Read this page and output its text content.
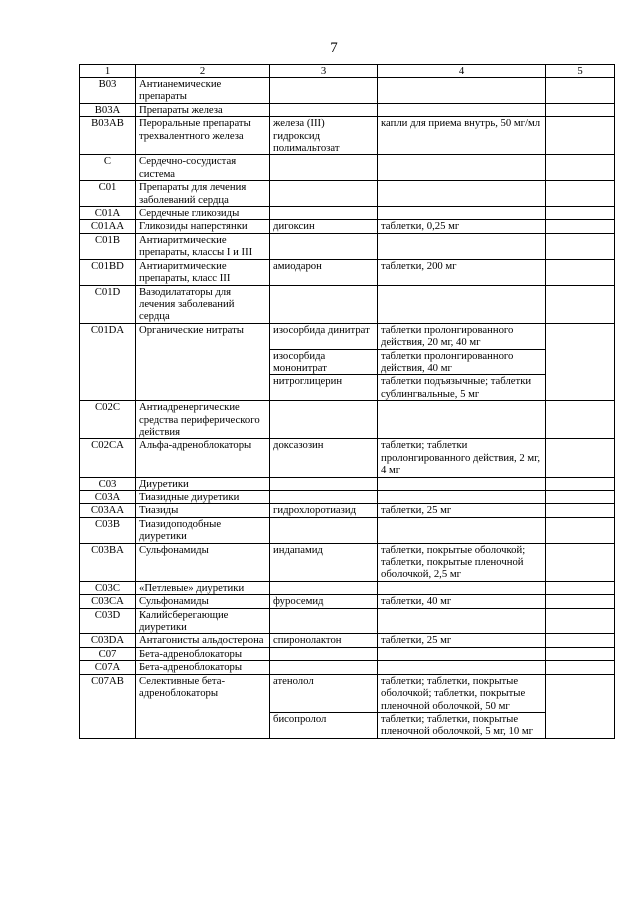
7
1	2	3	4	5
B03	Антианемические препараты			
B03A	Препараты железа			
B03AB	Пероральные препараты трехвалентного железа	железа (III) гидроксид полимальтозат	капли для приема внутрь, 50 мг/мл	
C	Сердечно-сосудистая система			
C01	Препараты для лечения заболеваний сердца			
C01A	Сердечные гликозиды			
C01AA	Гликозиды наперстянки	дигоксин	таблетки, 0,25 мг	
C01B	Антиаритмические препараты, классы I и III			
C01BD	Антиаритмические препараты, класс III	амиодарон	таблетки, 200 мг	
C01D	Вазодилататоры для лечения заболеваний сердца			
C01DA	Органические нитраты	изосорбида динитрат	таблетки пролонгированного действия, 20 мг, 40 мг	
		изосорбида мононитрат	таблетки пролонгированного действия, 40 мг	
		нитроглицерин	таблетки подъязычные; таблетки сублингвальные, 5 мг	
C02C	Антиадренергические средства периферического действия			
C02CA	Альфа-адреноблокаторы	доксазозин	таблетки; таблетки пролонгированного действия, 2 мг, 4 мг	
C03	Диуретики			
C03A	Тиазидные диуретики			
C03AA	Тиазиды	гидрохлоротиазид	таблетки, 25 мг	
C03B	Тиазидоподобные диуретики			
C03BA	Сульфонамиды	индапамид	таблетки, покрытые оболочкой; таблетки, покрытые пленочной оболочкой, 2,5 мг	
C03C	«Петлевые» диуретики			
C03CA	Сульфонамиды	фуросемид	таблетки, 40 мг	
C03D	Калийсберегающие диуретики			
C03DA	Антагонисты альдостерона	спиронолактон	таблетки, 25 мг	
C07	Бета-адреноблокаторы			
C07A	Бета-адреноблокаторы			
C07AB	Селективные бета-адреноблокаторы	атенолол	таблетки; таблетки, покрытые оболочкой; таблетки, покрытые пленочной оболочкой, 50 мг	
		бисопролол	таблетки; таблетки, покрытые пленочной оболочкой, 5 мг, 10 мг	
